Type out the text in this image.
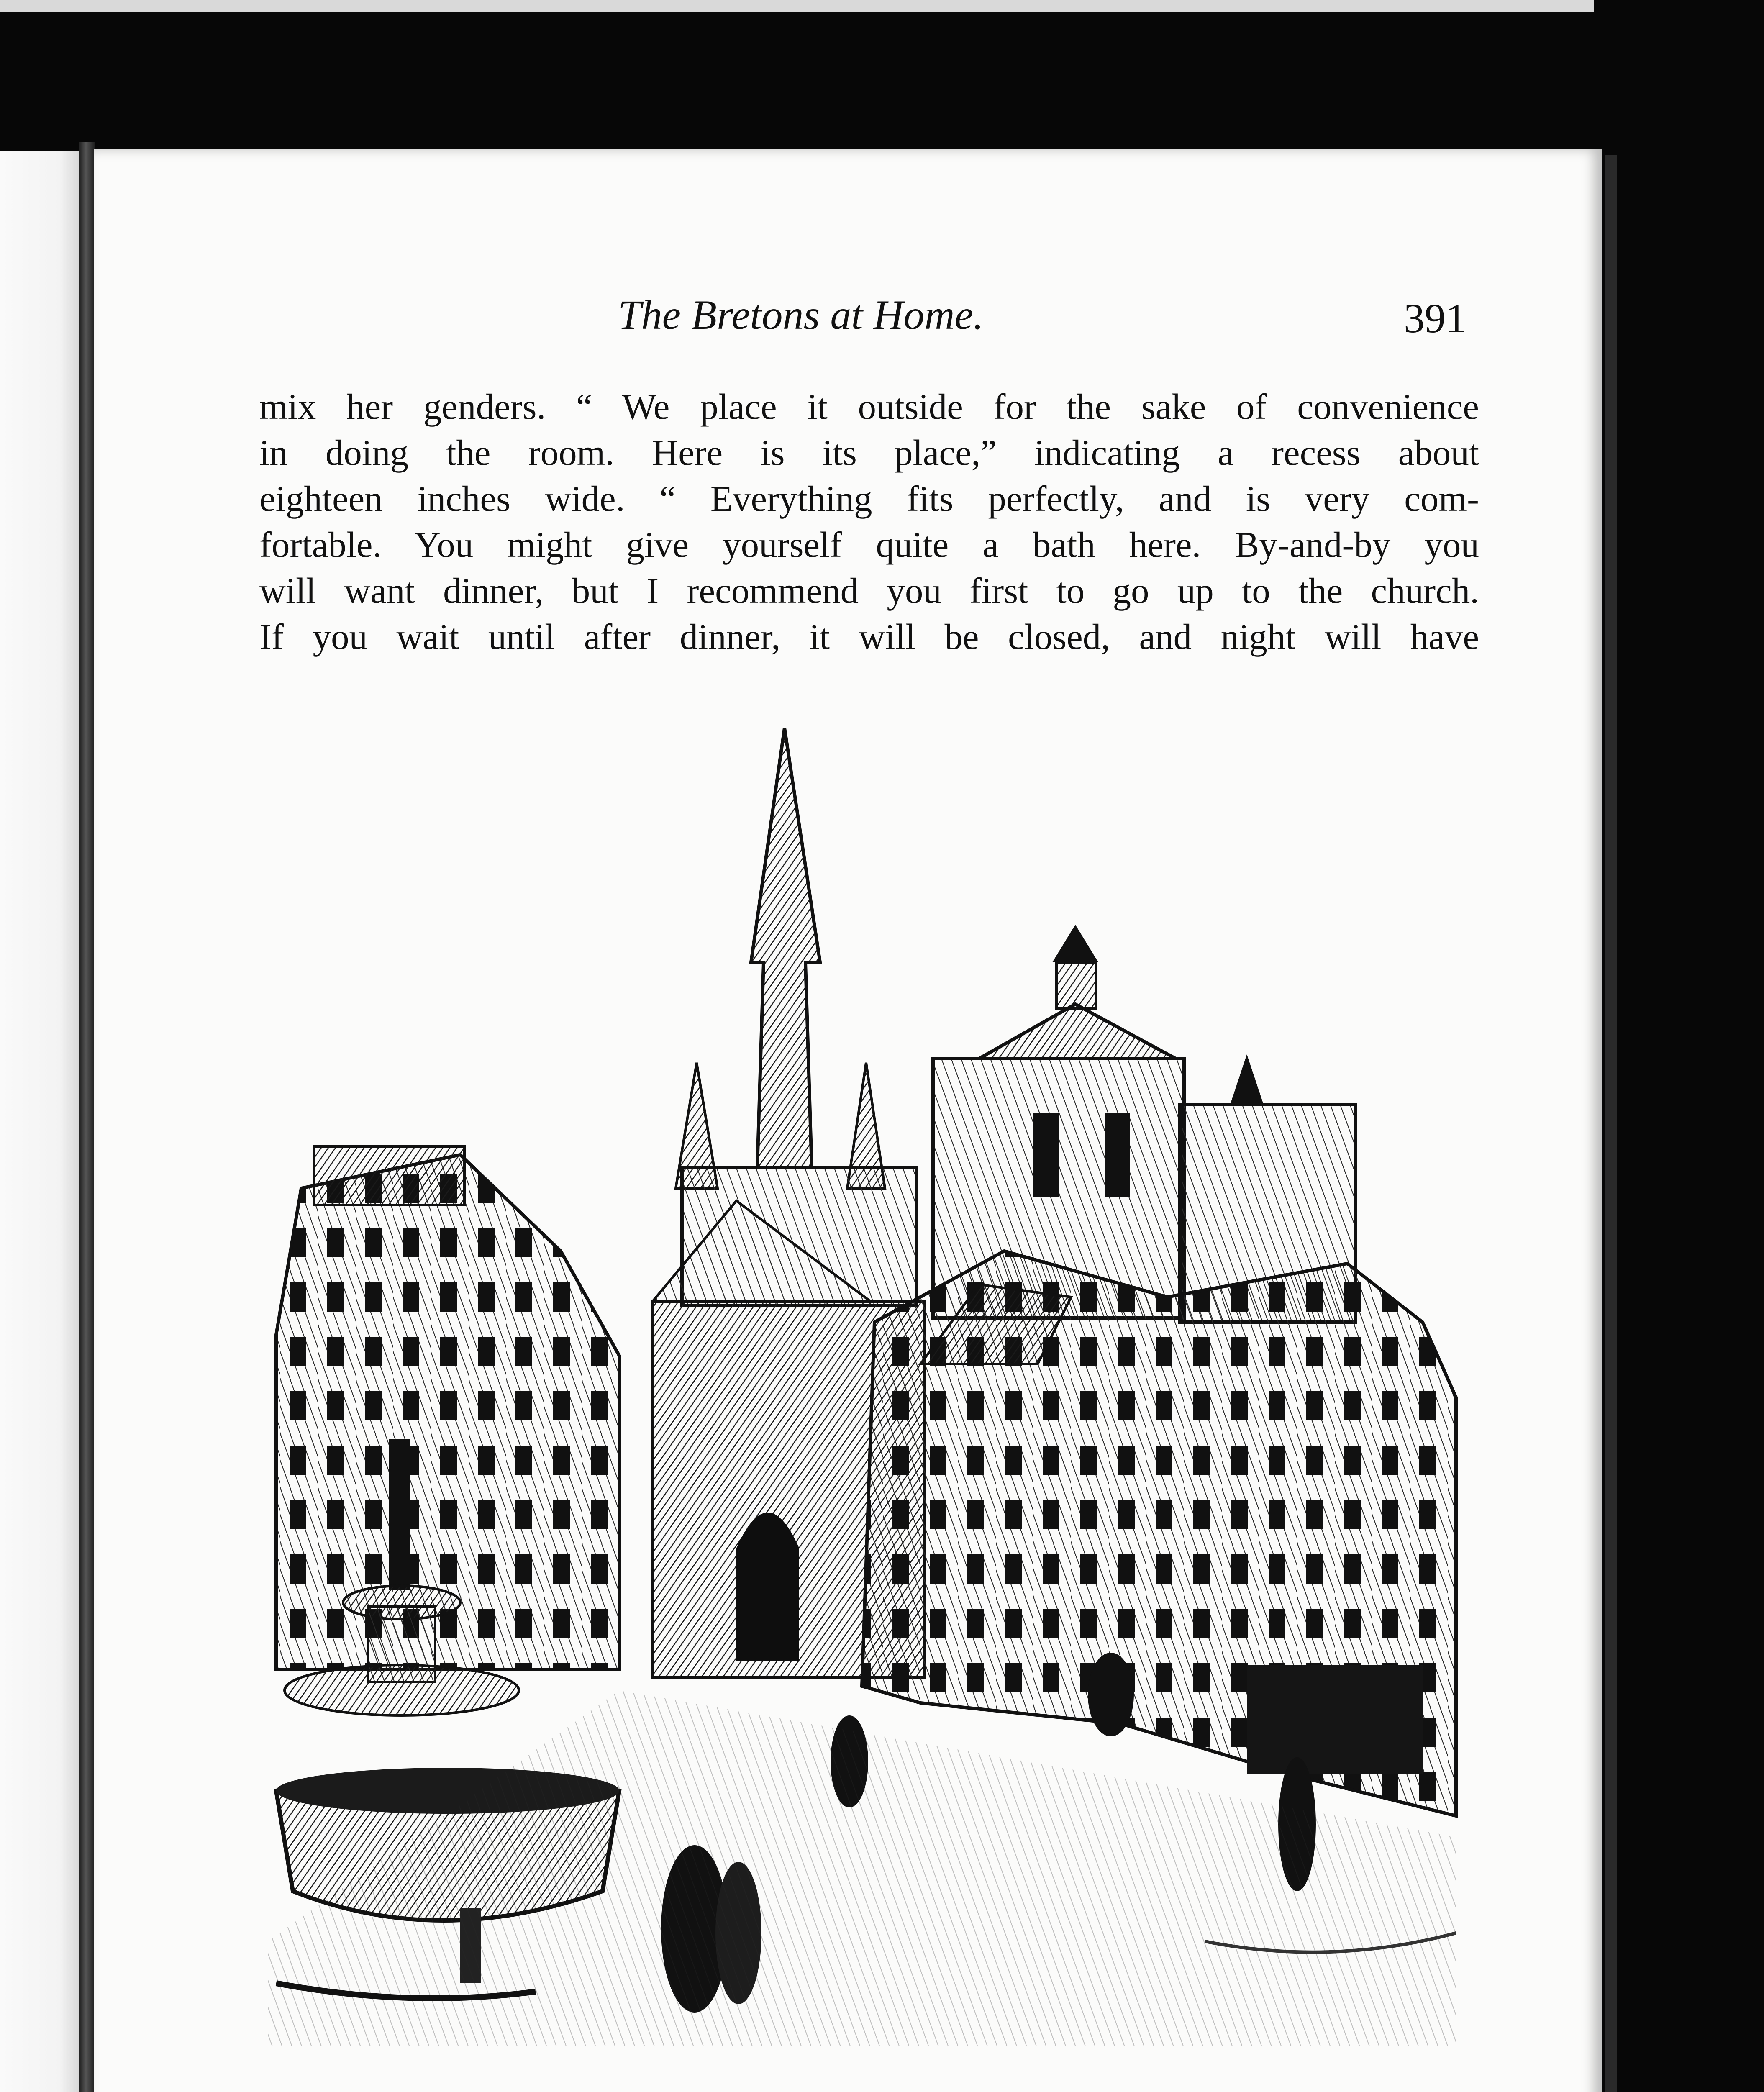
The Bretons at Home.	391
mix her genders. “ We place it outside for the sake of convenience
in doing the room. Here is its place,” indicating a recess about
eighteen inches wide. “ Everything fits perfectly, and is very com-
fortable. You might give yourself quite a bath here. By-and-by you
will want dinner, but I recommend you first to go up to the church.
If you wait until after dinner, it will be closed, and night will have
